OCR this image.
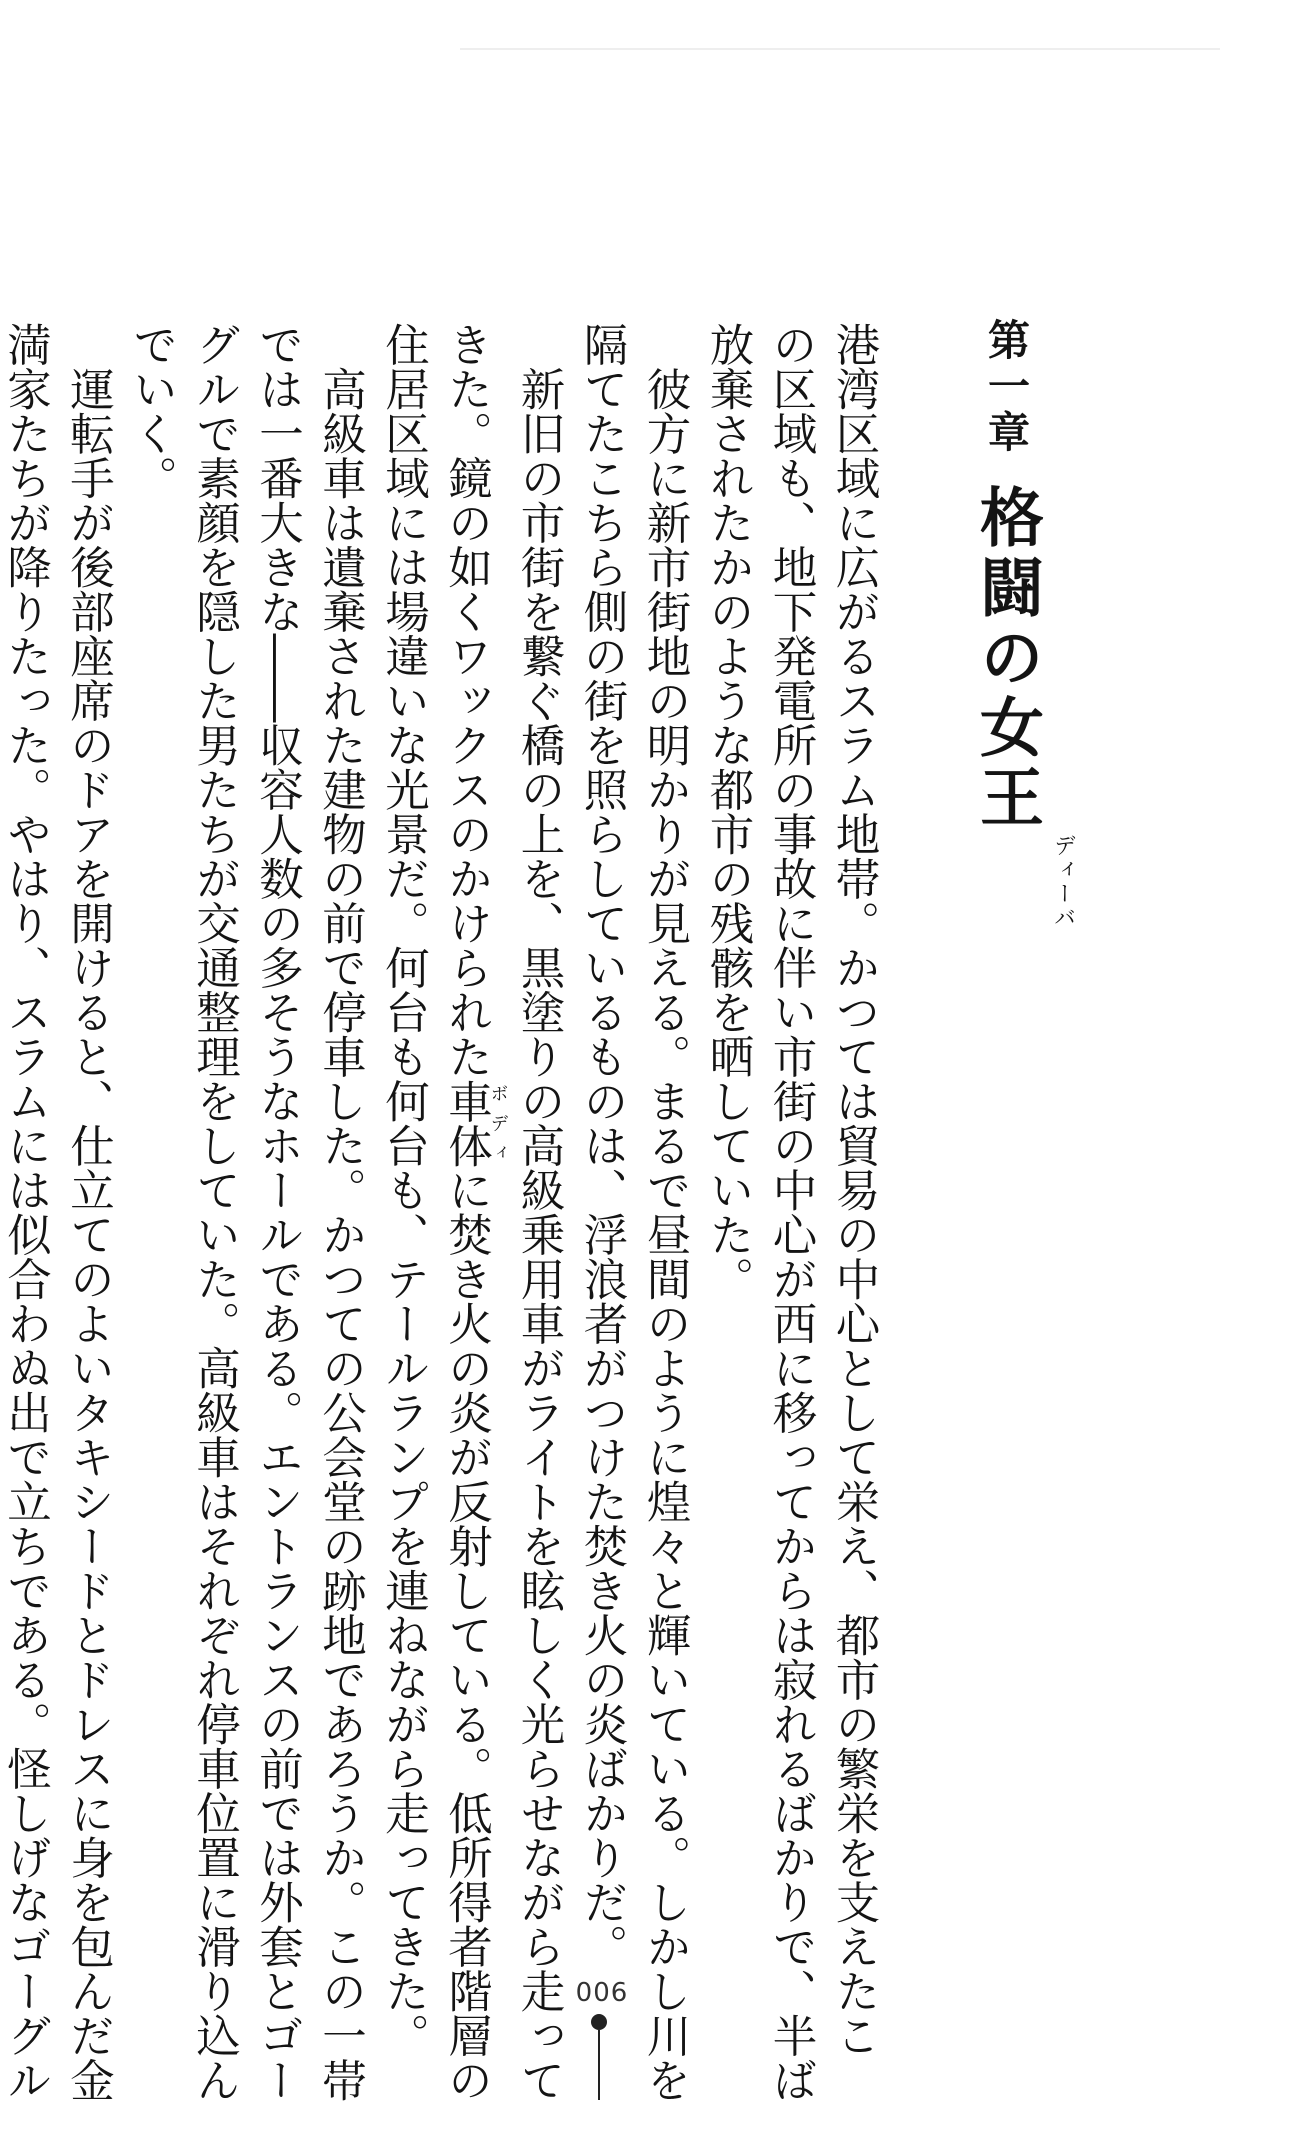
第一章格闘の女王ディーバ

港湾区域に広がるスラム地帯。かつては貿易の中心として栄え、都市の繁栄を支えたこ

の区域も、地下発電所の事故に伴い市街の中心が西に移ってからは寂れるばかりで、半ば

放棄されたかのような都市の残骸を晒していた。

　彼方に新市街地の明かりが見える。まるで昼間のように煌々と輝いている。しかし川を

隔てたこちら側の街を照らしているものは、浮浪者がつけた焚き火の炎ばかりだ。

　新旧の市街を繋ぐ橋の上を、黒塗りの高級乗用車がライトを眩しく光らせながら走って

きた。鏡の如くワックスのかけられた車体ボディに焚き火の炎が反射している。低所得者階層の

住居区域には場違いな光景だ。何台も何台も、テールランプを連ねながら走ってきた。

　高級車は遺棄された建物の前で停車した。かつての公会堂の跡地であろうか。この一帯

では一番大きな――収容人数の多そうなホールである。エントランスの前では外套とゴー

グルで素顔を隠した男たちが交通整理をしていた。高級車はそれぞれ停車位置に滑り込ん

でいく。

　運転手が後部座席のドアを開けると、仕立てのよいタキシードとドレスに身を包んだ金

満家たちが降りたった。やはり、スラムには似合わぬ出で立ちである。怪しげなゴーグル	006
